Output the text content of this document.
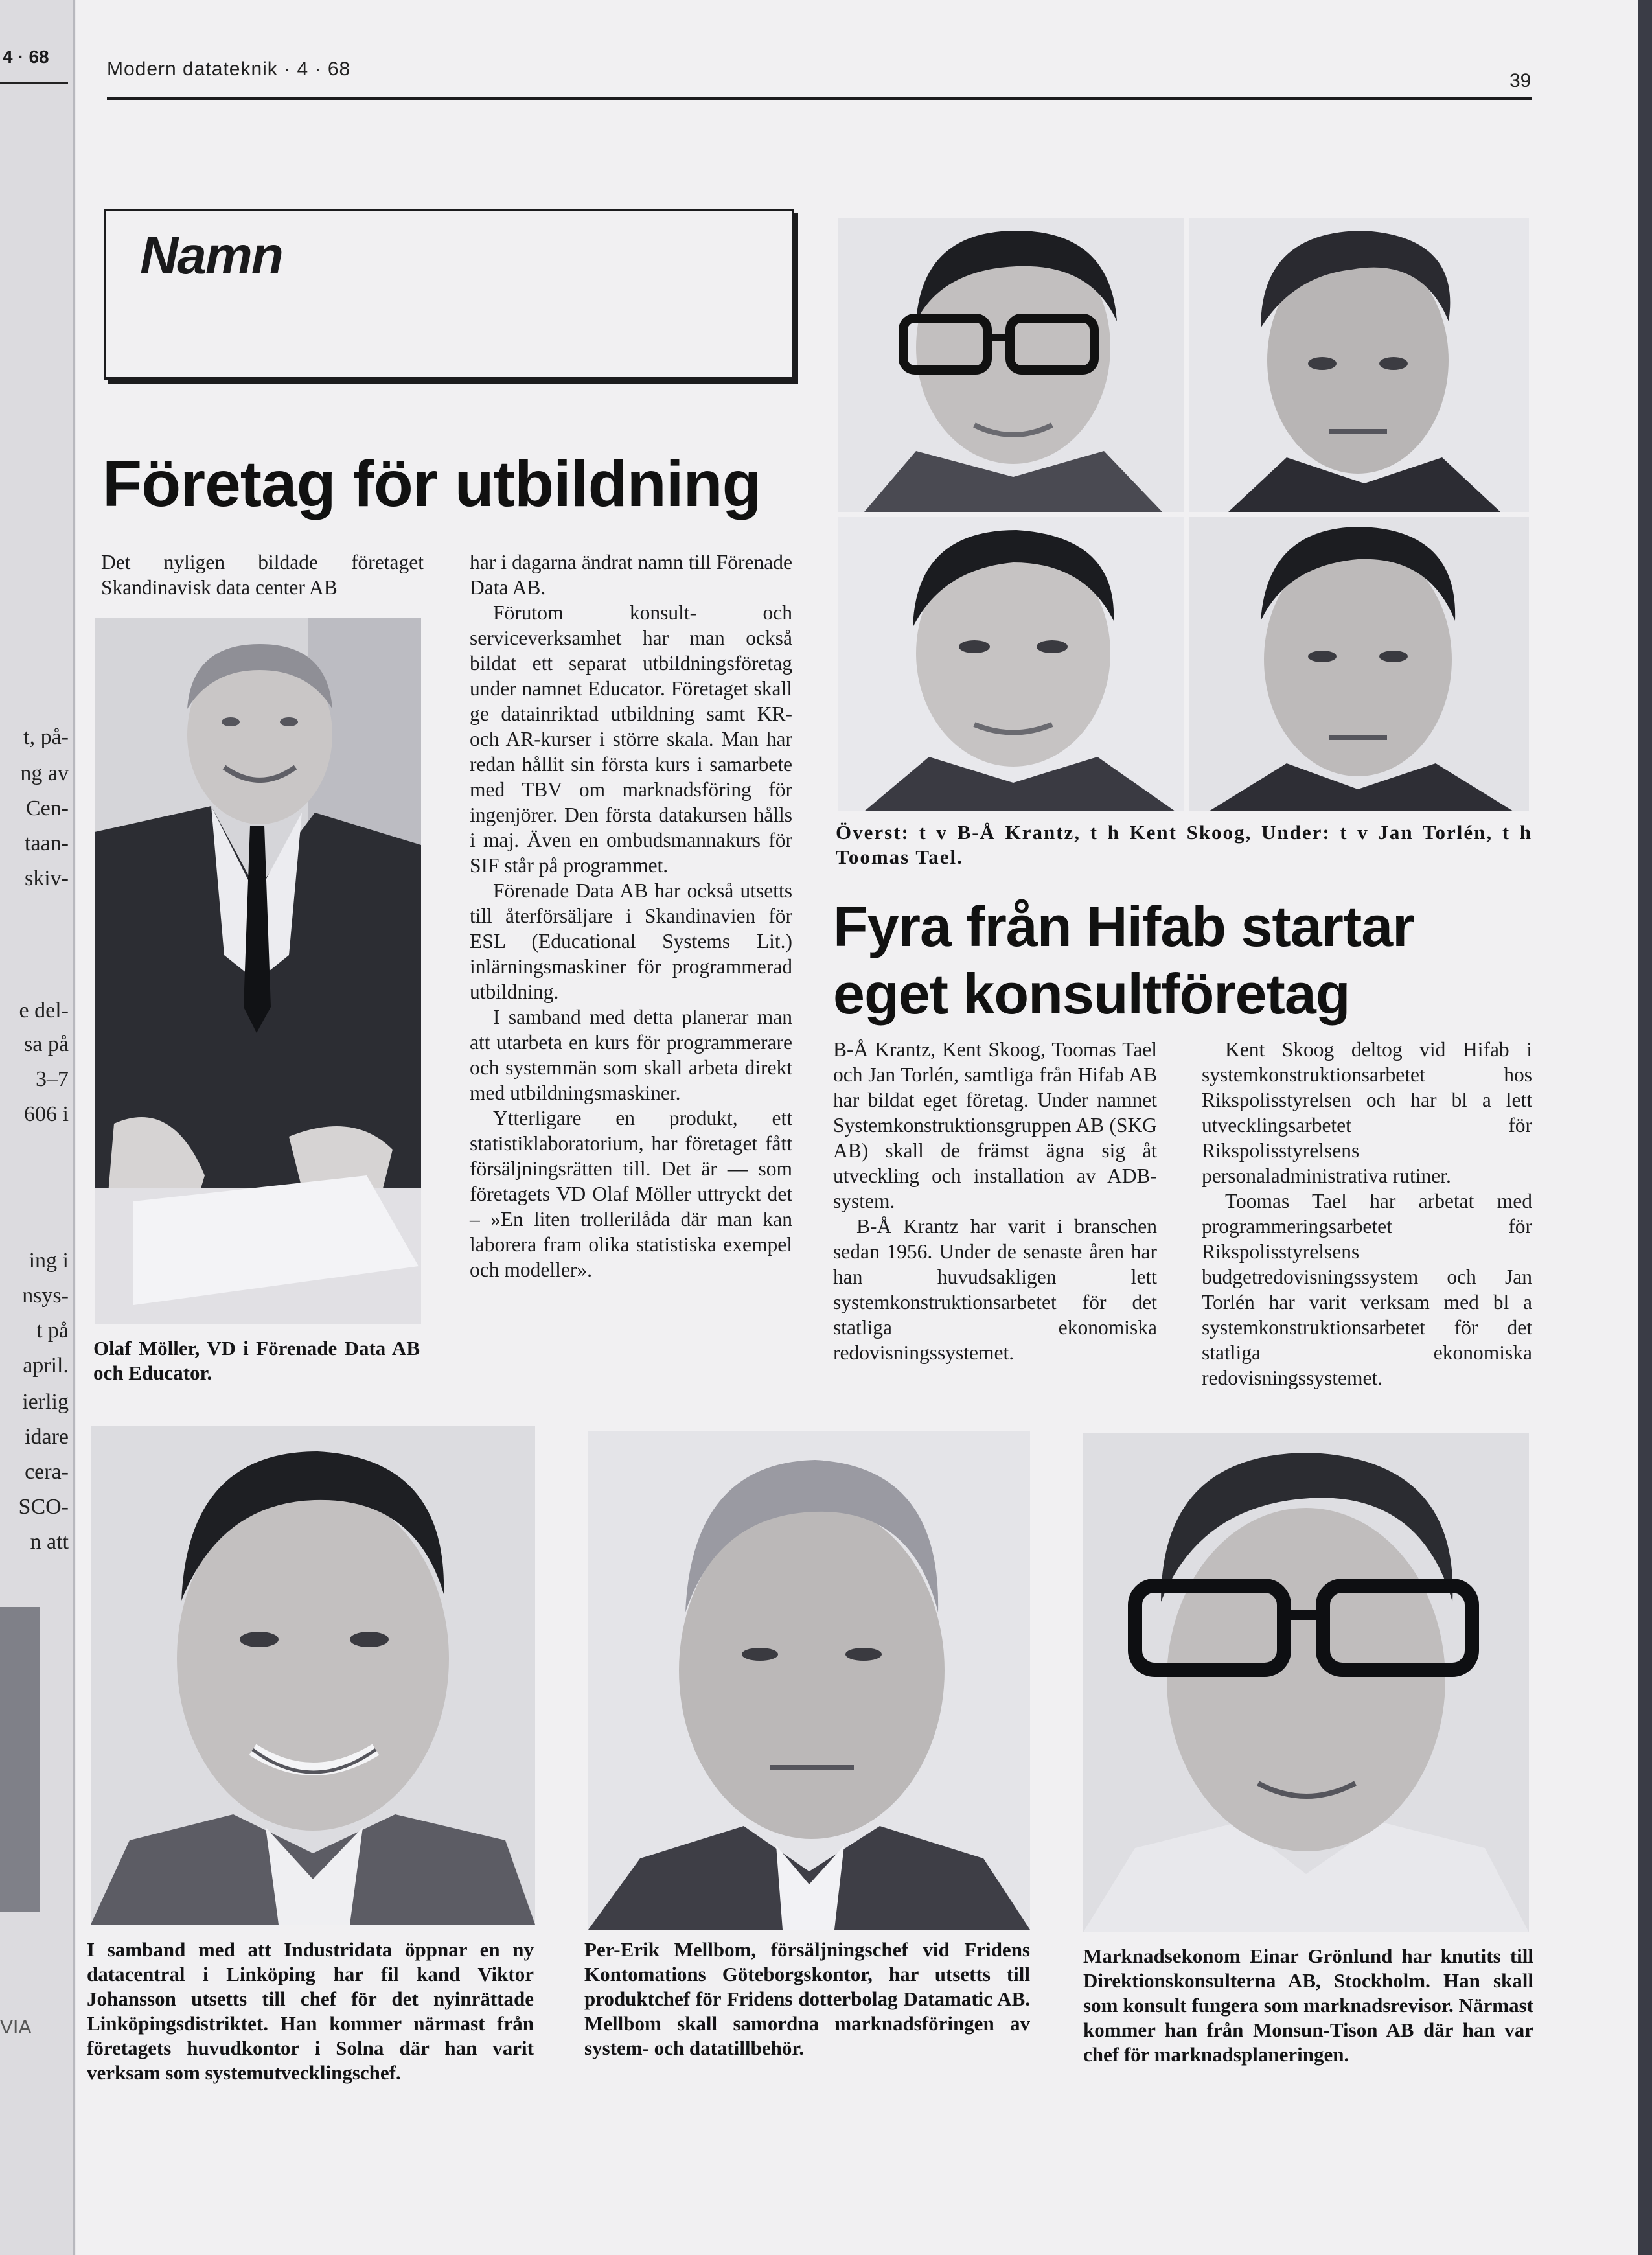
4 · 68
t, på-
ng av
Cen-
taan-
skiv-
e del-
sa på
3–7
606 i
ing i
nsys-
t på
april.
ierlig
idare
cera-
SCO-
n att
VIA
Modern datateknik · 4 · 68
39
Namn
Företag för utbildning

Det nyligen bildade företaget Skandinavisk data center AB

Olaf Möller, VD i Förenade Data AB och Educator.

har i dagarna ändrat namn till Förenade Data AB.

Förutom konsult- och serviceverksamhet har man också bildat ett separat utbildningsföretag under namnet Educator. Företaget skall ge datainriktad utbildning samt KR- och AR-kurser i större skala. Man har redan hållit sin första kurs i samarbete med TBV om marknadsföring för ingenjörer. Den första datakursen hålls i maj. Även en ombudsmannakurs för SIF står på programmet.

Förenade Data AB har också utsetts till återförsäljare i Skandinavien för ESL (Educational Systems Lit.) inlärningsmaskiner för programmerad utbildning.

I samband med detta planerar man att utarbeta en kurs för programmerare och systemmän som skall arbeta direkt med utbildningsmaskiner.

Ytterligare en produkt, ett statistiklaboratorium, har företaget fått försäljningsrätten till. Det är — som företagets VD Olaf Möller uttryckt det – »En liten trollerilåda där man kan laborera fram olika statistiska exempel och modeller».

Överst: t v B-Å Krantz, t h Kent Skoog, Under: t v Jan Torlén, t h Toomas Tael.
Fyra från Hifab startar
eget konsultföretag

B-Å Krantz, Kent Skoog, Toomas Tael och Jan Torlén, samtliga från Hifab AB har bildat eget företag. Under namnet Systemkonstruktionsgruppen AB (SKG AB) skall de främst ägna sig åt utveckling och installation av ADB-system.

B-Å Krantz har varit i branschen sedan 1956. Under de senaste åren har han huvudsakligen lett systemkonstruktionsarbetet för det statliga ekonomiska redovisningssystemet.

Kent Skoog deltog vid Hifab i systemkonstruktionsarbetet hos Rikspolisstyrelsen och har bl a lett utvecklingsarbetet för Rikspolisstyrelsens personaladministrativa rutiner.

Toomas Tael har arbetat med programmeringsarbetet för Rikspolisstyrelsens budgetredovisningssystem och Jan Torlén har varit verksam med bl a systemkonstruktionsarbetet för det statliga ekonomiska redovisningssystemet.

I samband med att Industridata öppnar en ny datacentral i Linköping har fil kand Viktor Johansson utsetts till chef för det nyinrättade Linköpingsdistriktet. Han kommer närmast från företagets huvudkontor i Solna där han varit verksam som systemutvecklingschef.
Per-Erik Mellbom, försäljningschef vid Fridens Kontomations Göteborgskontor, har utsetts till produktchef för Fridens dotterbolag Datamatic AB. Mellbom skall samordna marknadsföringen av system- och datatillbehör.
Marknadsekonom Einar Grönlund har knutits till Direktionskonsulterna AB, Stockholm. Han skall som konsult fungera som marknadsrevisor. Närmast kommer han från Monsun-Tison AB där han var chef för marknadsplaneringen.
